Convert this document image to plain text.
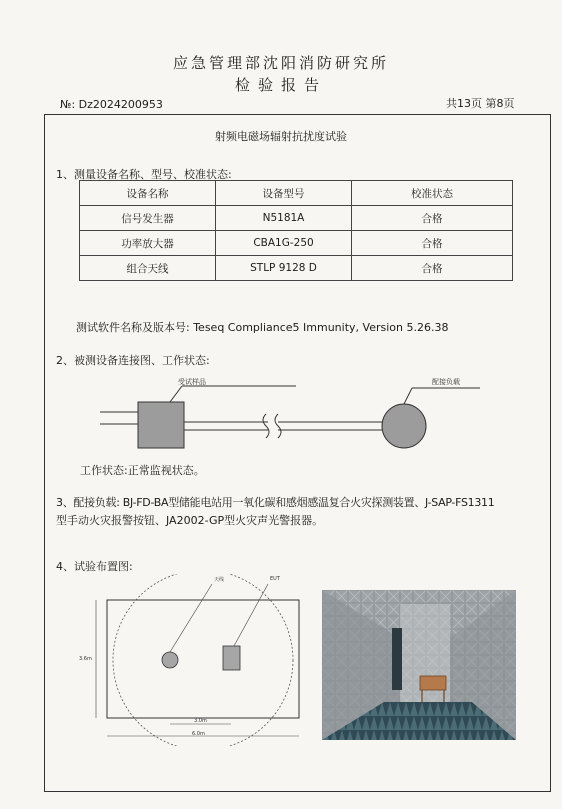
应急管理部沈阳消防研究所
检验报告
№: Dz2024200953	共13页 第8页
射频电磁场辐射抗扰度试验
1、测量设备名称、型号、校准状态:
设备名称	设备型号	校准状态
信号发生器	N5181A	合格
功率放大器	CBA1G-250	合格
组合天线	STLP 9128 D	合格
测试软件名称及版本号: Teseq Compliance5 Immunity, Version 5.26.38
2、被测设备连接图、工作状态:
受试样品	配接负载
工作状态:正常监视状态。
3、配接负载: BJ-FD-BA型储能电站用一氧化碳和感烟感温复合火灾探测装置、J-SAP-FS1311
型手动火灾报警按钮、JA2002-GP型火灾声光警报器。
4、试验布置图:
天线	EUT
3.6m
3.0m
6.0m
